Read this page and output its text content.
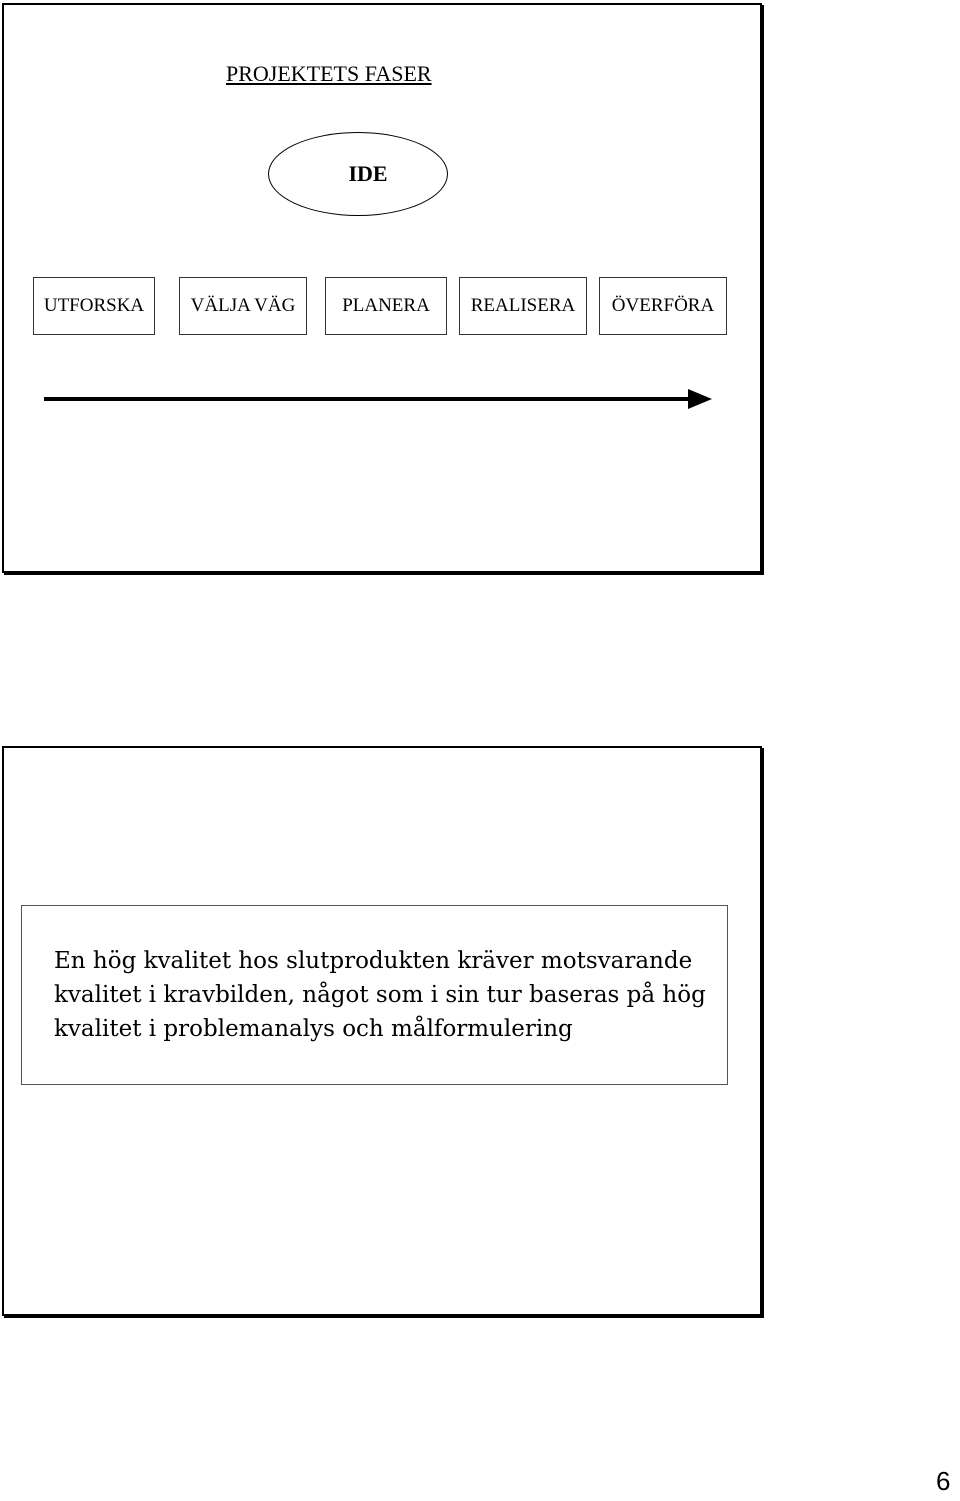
PROJEKTETS FASER
IDE
UTFORSKA	VÄLJA VÄG	PLANERA	REALISERA	ÖVERFÖRA
En hög kvalitet hos slutprodukten kräver motsvarande
kvalitet i kravbilden, något som i sin tur baseras på hög
kvalitet i problemanalys och målformulering
6
